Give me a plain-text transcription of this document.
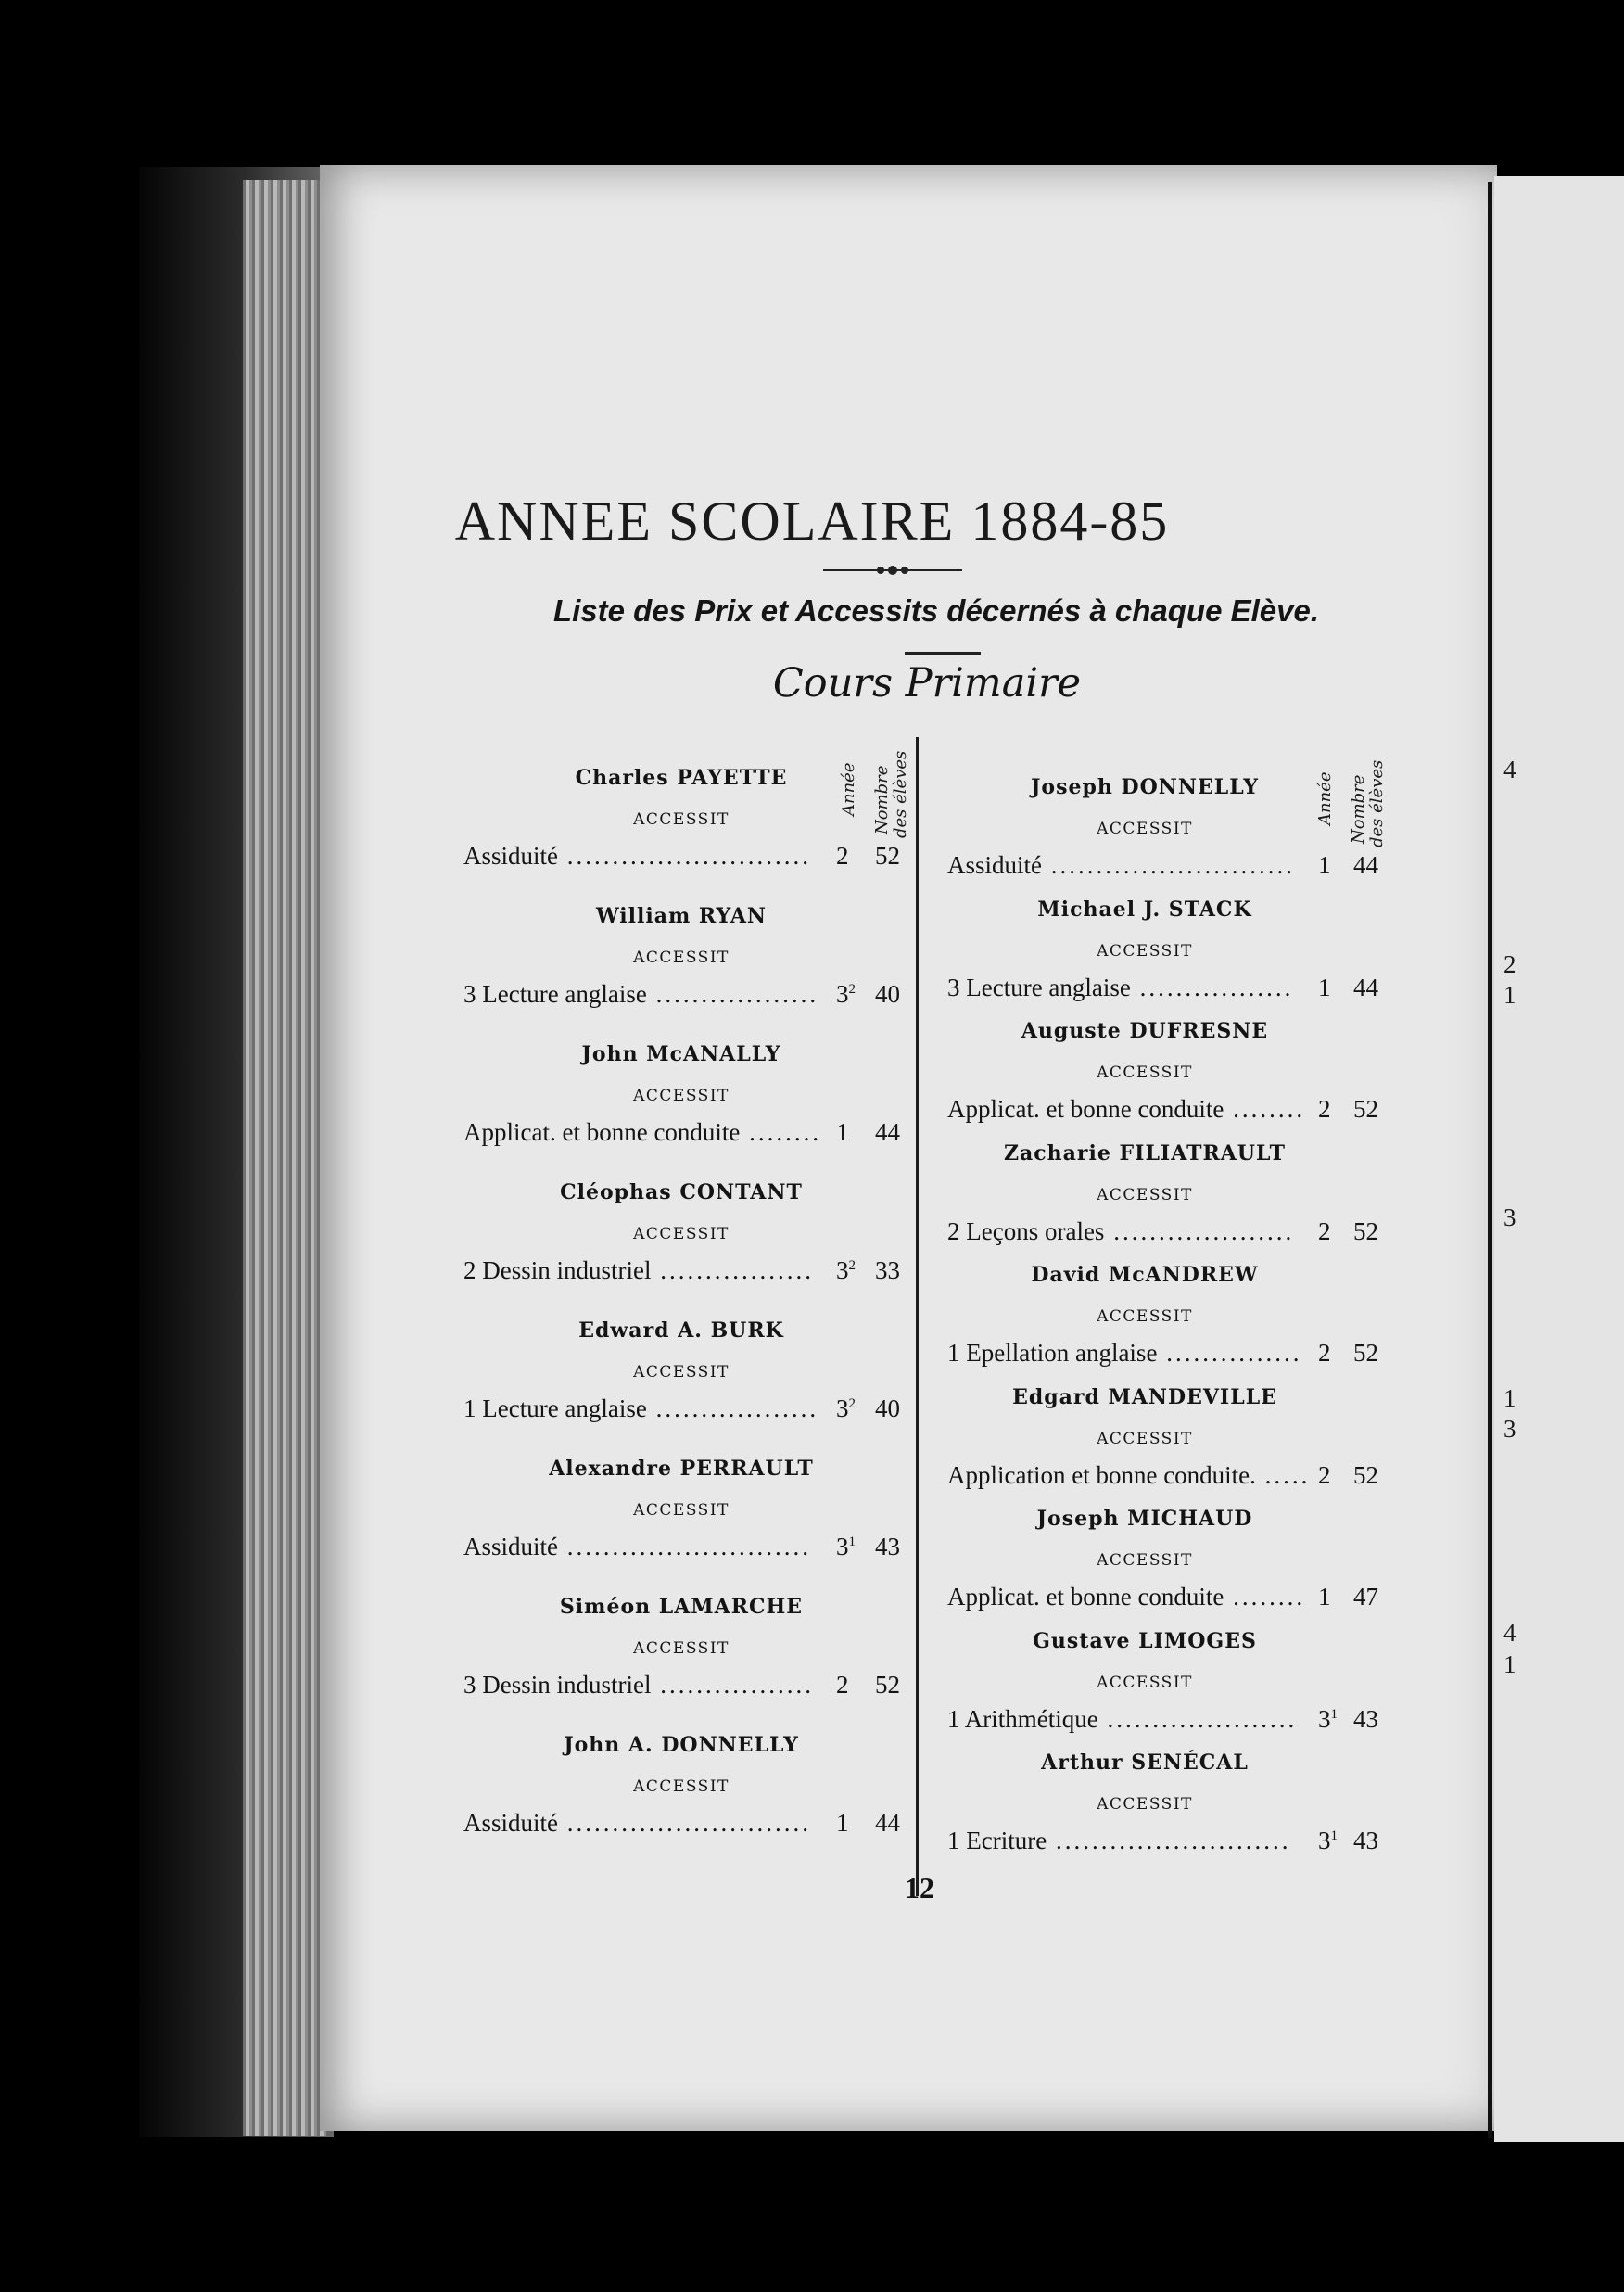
4
2
1
3
1
3
4
1
ANNEE SCOLAIRE 1884-85
Liste des Prix et Accessits décernés à chaque Elève.
Cours Primaire
Année Nombre des élèves	Année Nombre des élèves
Charles PAYETTE
ACCESSIT
Assiduité ........................... 2 52
William RYAN
ACCESSIT
3 Lecture anglaise .................. $3^2$ 40
John McANALLY
ACCESSIT
Applicat. et bonne conduite ........ 1 44
Cléophas CONTANT
ACCESSIT
2 Dessin industriel ................. $3^2$ 33
Edward A. BURK
ACCESSIT
1 Lecture anglaise .................. $3^2$ 40
Alexandre PERRAULT
ACCESSIT
Assiduité ........................... $3^1$ 43
Siméon LAMARCHE
ACCESSIT
3 Dessin industriel ................. 2 52
John A. DONNELLY
ACCESSIT
Assiduité ........................... 1 44
Joseph DONNELLY
ACCESSIT
Assiduité ........................... 1 44
Michael J. STACK
ACCESSIT
3 Lecture anglaise ................. 1 44
Auguste DUFRESNE
ACCESSIT
Applicat. et bonne conduite ........ 2 52
Zacharie FILIATRAULT
ACCESSIT
2 Leçons orales .................... 2 52
David McANDREW
ACCESSIT
1 Epellation anglaise ............... 2 52
Edgard MANDEVILLE
ACCESSIT
Application et bonne conduite. ..... 2 52
Joseph MICHAUD
ACCESSIT
Applicat. et bonne conduite ........ 1 47
Gustave LIMOGES
ACCESSIT
1 Arithmétique ..................... $3^1$ 43
Arthur SENÉCAL
ACCESSIT
1 Ecriture ..........................	$3^1$ 43
12
